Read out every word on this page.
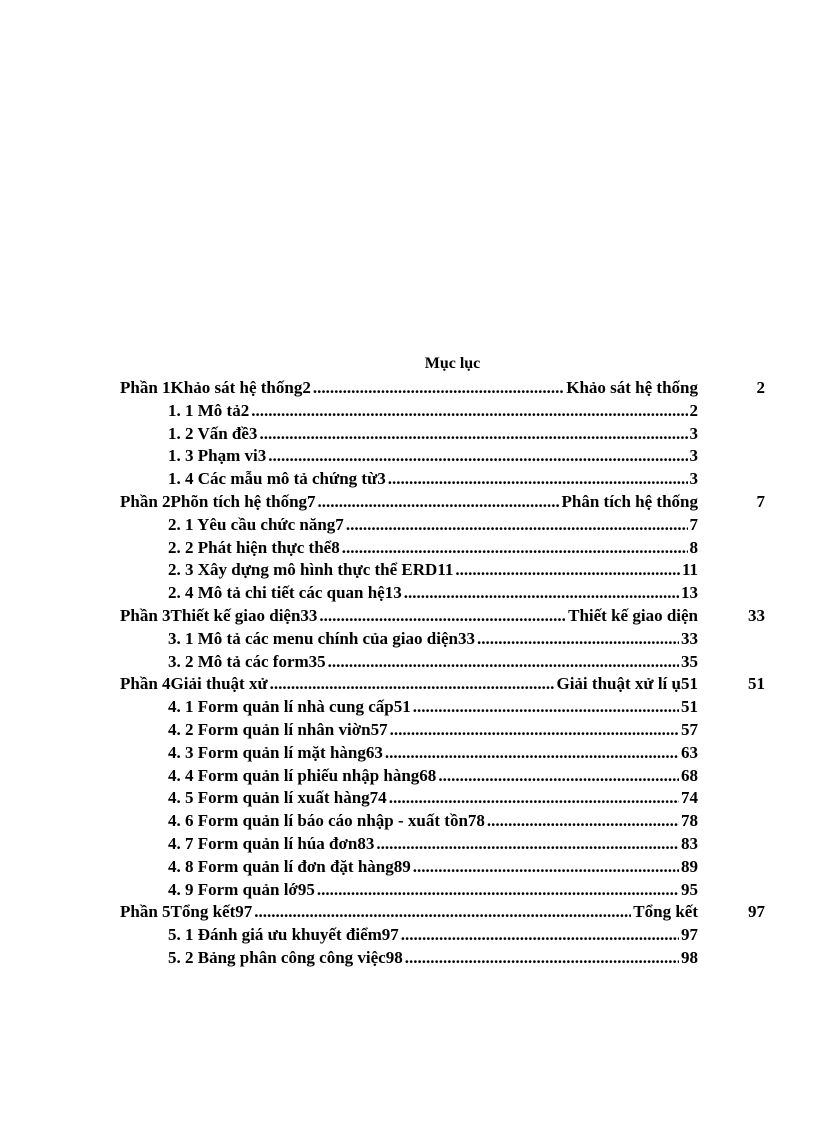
Mục lục
Phần 1Khảo sát hệ thống2 .....	Khảo sát hệ thống	2
1. 1 Mô tả2 .....	2
1. 2 Vấn đề3 .....	3
1. 3 Phạm vi3 .....	3
1. 4 Các mẫu mô tả chứng từ3 .....	3
Phần 2Phõn tích hệ thống7 .....	Phân tích hệ thống	7
2. 1 Yêu cầu chức năng7 .....	7
2. 2 Phát hiện thực thể8 .....	8
2. 3 Xây dựng mô hình thực thể ERD11 .....	11
2. 4 Mô tả chi tiết các quan hệ13 .....	13
Phần 3Thiết kế giao diện33 .....	Thiết kế giao diện	33
3. 1 Mô tả các menu chính của giao diện33 .....	33
3. 2 Mô tả các form35 .....	35
Phần 4Giải thuật xử .....	Giải thuật xử lí ụ51	51
4. 1 Form quản lí nhà cung cấp51 .....	51
4. 2 Form quản lí nhân viờn57 .....	57
4. 3 Form quản lí mặt hàng63 .....	63
4. 4 Form quản lí phiếu nhập hàng68 .....	68
4. 5 Form quản lí xuất hàng74 .....	74
4. 6 Form quản lí báo cáo nhập - xuất tồn78 .....	78
4. 7 Form quản lí húa đơn83 .....	83
4. 8 Form quản lí đơn đặt hàng89 .....	89
4. 9 Form quản lớ95 .....	95
Phần 5Tổng kết97 .....	Tổng kết	97
5. 1 Đánh giá ưu khuyết điểm97 .....	97
5. 2 Bảng phân công công việc98 .....	98
